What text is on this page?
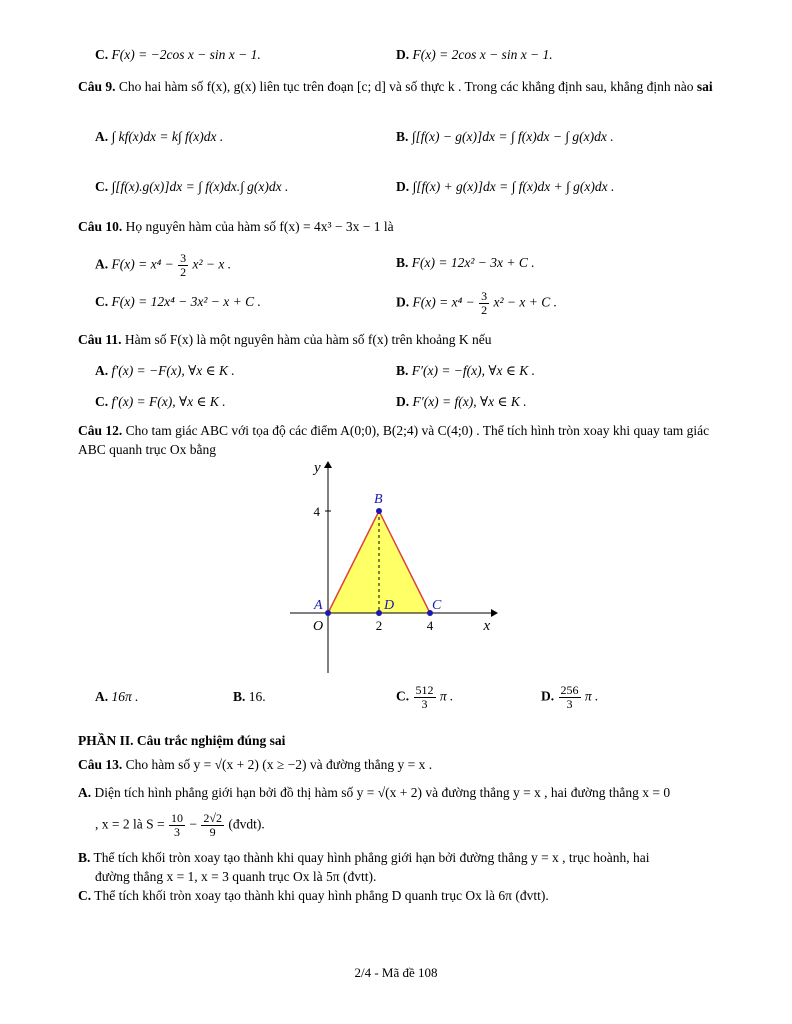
C. F(x) = −2cos x − sin x − 1.	D. F(x) = 2cos x − sin x − 1.
Câu 9. Cho hai hàm số f(x), g(x) liên tục trên đoạn [c; d] và số thực k . Trong các khẳng định sau, khẳng định nào sai
A. ∫ kf(x)dx = k∫ f(x)dx .	B. ∫[f(x) − g(x)]dx = ∫ f(x)dx − ∫ g(x)dx .
C. ∫[f(x).g(x)]dx = ∫ f(x)dx.∫ g(x)dx .	D. ∫[f(x) + g(x)]dx = ∫ f(x)dx + ∫ g(x)dx .
Câu 10. Họ nguyên hàm của hàm số f(x) = 4x³ − 3x − 1 là
A. $F(x) = x^4 - \frac{3}{2} x^2 - x$ .	B. F(x) = 12x² − 3x + C .
C. F(x) = 12x⁴ − 3x² − x + C .	D. $F(x) = x^4 - \frac{3}{2} x^2 - x + C$ .
Câu 11. Hàm số F(x) là một nguyên hàm của hàm số f(x) trên khoảng K nếu
A. f′(x) = −F(x), ∀x ∈ K .	B. F′(x) = −f(x), ∀x ∈ K .
C. f′(x) = F(x), ∀x ∈ K .	D. F′(x) = f(x), ∀x ∈ K .
Câu 12. Cho tam giác ABC với tọa độ các điểm A(0;0), B(2;4) và C(4;0) . Thể tích hình tròn xoay khi quay tam giác ABC quanh trục Ox bằng
A
B
C
D
O	x
y
2	4
4
A. 16π .	B. 16.	C. $\frac{512}{3}$ π .	D. $\frac{256}{3}$ π .
PHẦN II. Câu trắc nghiệm đúng sai
Câu 13. Cho hàm số y = √(x + 2) (x ≥ −2) và đường thẳng y = x .
A. Diện tích hình phẳng giới hạn bởi đồ thị hàm số y = √(x + 2) và đường thẳng y = x , hai đường thẳng x = 0
, x = 2 là $S = \frac{10}{3} - \frac{2√2}{9}$ (đvdt).
B. Thể tích khối tròn xoay tạo thành khi quay hình phẳng giới hạn bởi đường thẳng y = x , trục hoành, hai
đường thẳng x = 1, x = 3 quanh trục Ox là 5π (đvtt).
C. Thể tích khối tròn xoay tạo thành khi quay hình phẳng D quanh trục Ox là 6π (đvtt).
2/4 - Mã đề 108
